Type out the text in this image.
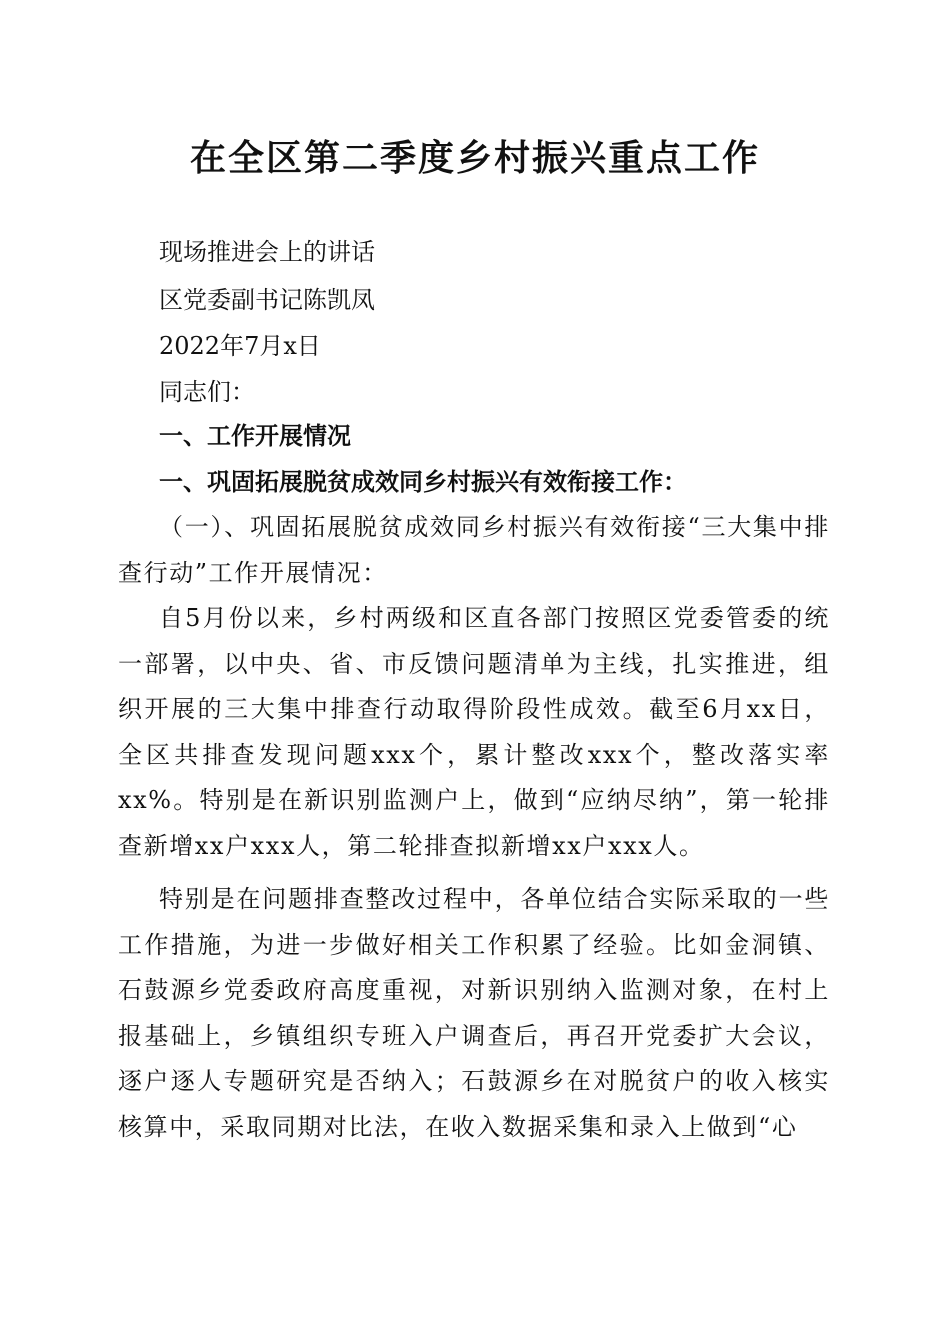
在全区第二季度乡村振兴重点工作
现场推进会上的讲话
区党委副书记陈凯凤
2022年7月x日
同志们：
一、工作开展情况
一、巩固拓展脱贫成效同乡村振兴有效衔接工作：

（一）、巩固拓展脱贫成效同乡村振兴有效衔接“三大集中排查行动”工作开展情况：

自5月份以来，乡村两级和区直各部门按照区党委管委的统一部署，以中央、省、市反馈问题清单为主线，扎实推进，组织开展的三大集中排查行动取得阶段性成效。截至6月xx日，全区共排查发现问题xxx个，累计整改xxx个，整改落实率xx%。特别是在新识别监测户上，做到“应纳尽纳”，第一轮排查新增xx户xxx人，第二轮排查拟新增xx户xxx人。

特别是在问题排查整改过程中，各单位结合实际采取的一些工作措施，为进一步做好相关工作积累了经验。比如金洞镇、石鼓源乡党委政府高度重视，对新识别纳入监测对象，在村上报基础上，乡镇组织专班入户调查后，再召开党委扩大会议，逐户逐人专题研究是否纳入；石鼓源乡在对脱贫户的收入核实核算中，采取同期对比法，在收入数据采集和录入上做到“心
